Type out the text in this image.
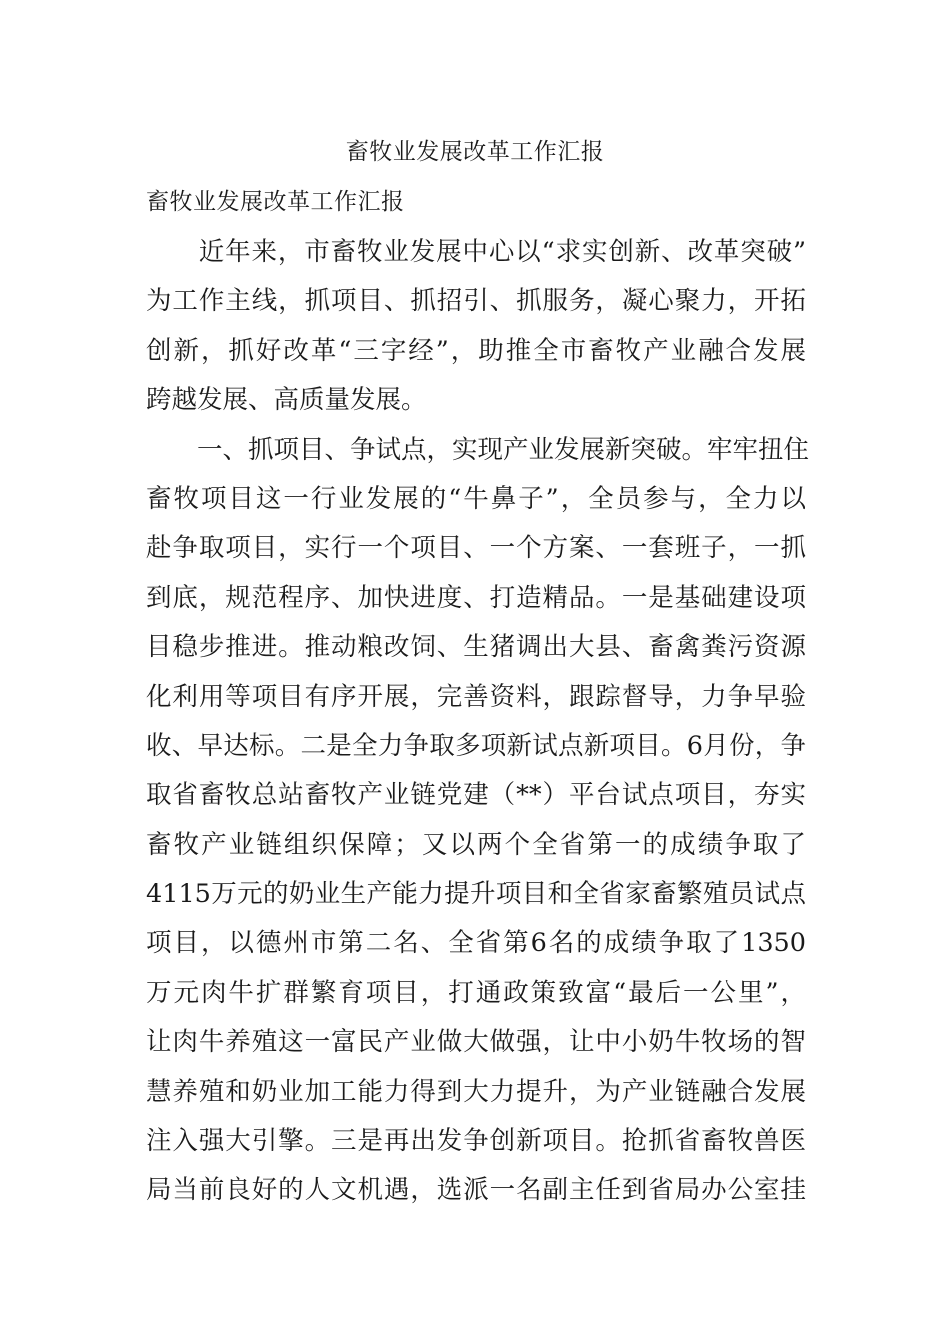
畜牧业发展改革工作汇报
畜牧业发展改革工作汇报
　　近年来，市畜牧业发展中心以“求实创新、改革突破”
为工作主线，抓项目、抓招引、抓服务，凝心聚力，开拓
创新，抓好改革“三字经”，助推全市畜牧产业融合发展
跨越发展、高质量发展。
　　一、抓项目、争试点，实现产业发展新突破。牢牢扭住
畜牧项目这一行业发展的“牛鼻子”，全员参与，全力以
赴争取项目，实行一个项目、一个方案、一套班子，一抓
到底，规范程序、加快进度、打造精品。一是基础建设项
目稳步推进。推动粮改饲、生猪调出大县、畜禽粪污资源
化利用等项目有序开展，完善资料，跟踪督导，力争早验
收、早达标。二是全力争取多项新试点新项目。6月份，争
取省畜牧总站畜牧产业链党建（**）平台试点项目，夯实
畜牧产业链组织保障；又以两个全省第一的成绩争取了
4115万元的奶业生产能力提升项目和全省家畜繁殖员试点
项目，以德州市第二名、全省第6名的成绩争取了1350
万元肉牛扩群繁育项目，打通政策致富“最后一公里”，
让肉牛养殖这一富民产业做大做强，让中小奶牛牧场的智
慧养殖和奶业加工能力得到大力提升，为产业链融合发展
注入强大引擎。三是再出发争创新项目。抢抓省畜牧兽医
局当前良好的人文机遇，选派一名副主任到省局办公室挂
